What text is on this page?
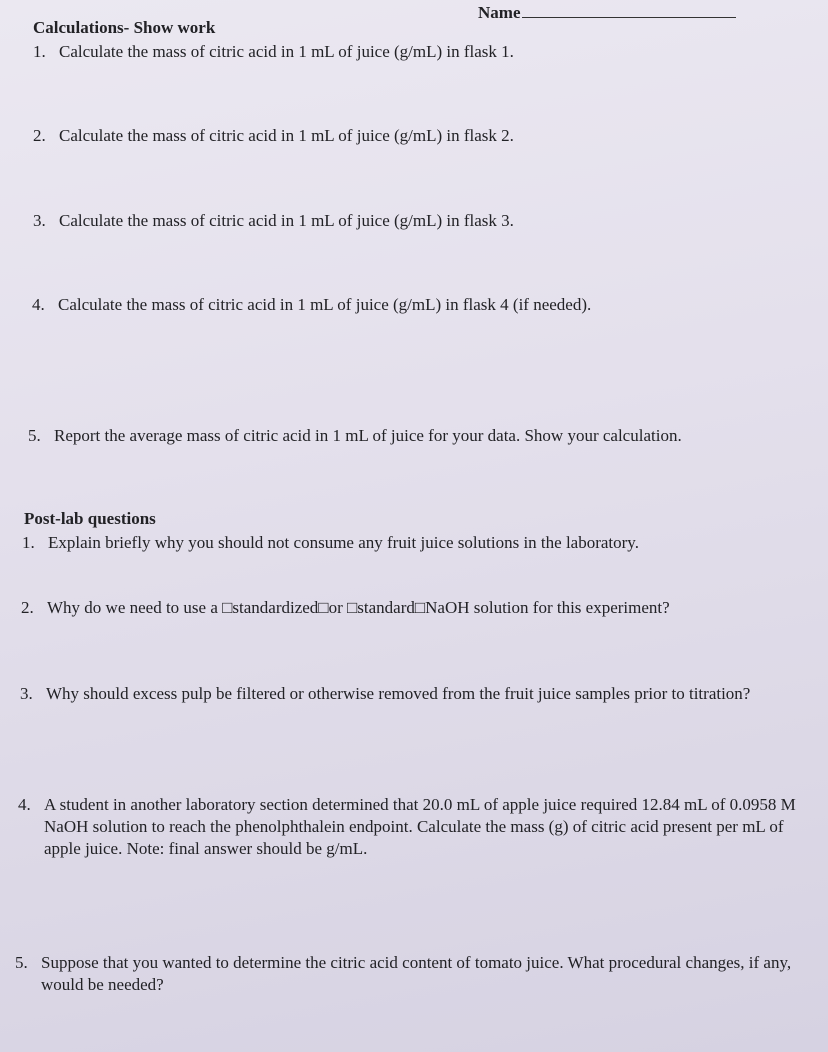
Name
Calculations- Show work
1. Calculate the mass of citric acid in 1 mL of juice (g/mL) in flask 1.
2. Calculate the mass of citric acid in 1 mL of juice (g/mL) in flask 2.
3. Calculate the mass of citric acid in 1 mL of juice (g/mL) in flask 3.
4. Calculate the mass of citric acid in 1 mL of juice (g/mL) in flask 4 (if needed).
5. Report the average mass of citric acid in 1 mL of juice for your data. Show your calculation.
Post-lab questions
1. Explain briefly why you should not consume any fruit juice solutions in the laboratory.
2. Why do we need to use a □standardized□or □standard□NaOH solution for this experiment?
3. Why should excess pulp be filtered or otherwise removed from the fruit juice samples prior to titration?
4. A student in another laboratory section determined that 20.0 mL of apple juice required 12.84 mL of 0.0958 M NaOH solution to reach the phenolphthalein endpoint. Calculate the mass (g) of citric acid present per mL of apple juice. Note: final answer should be g/mL.
5. Suppose that you wanted to determine the citric acid content of tomato juice. What procedural changes, if any, would be needed?
